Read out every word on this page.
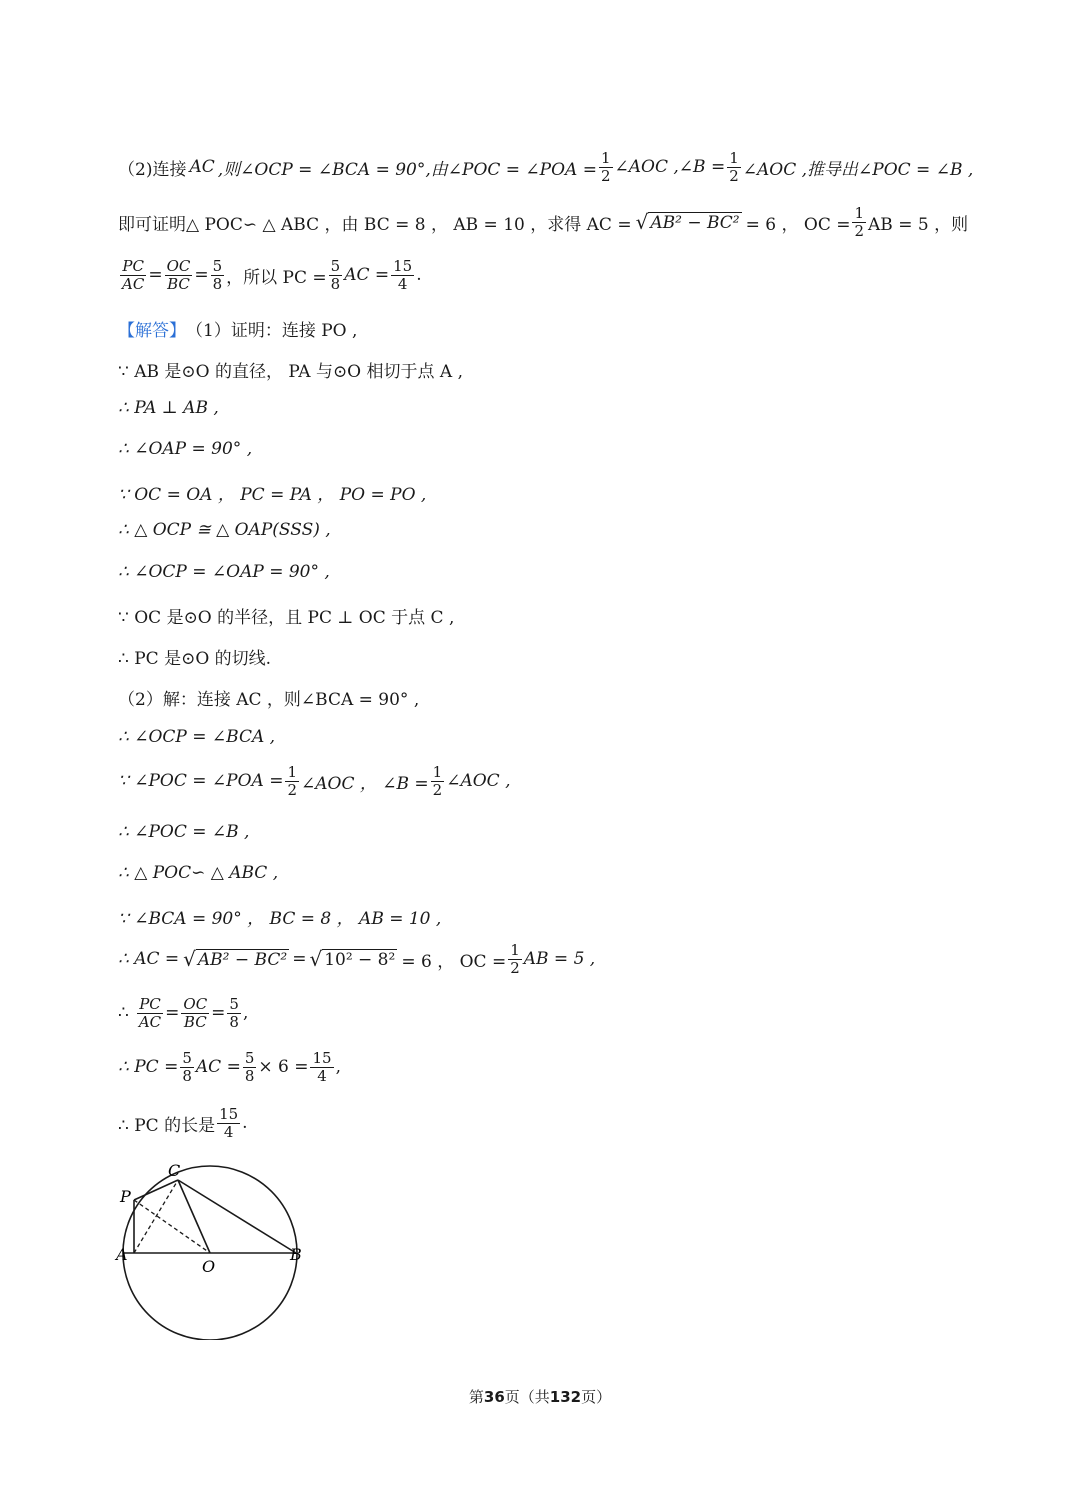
（2)连接 AC ,则∠OCP = ∠BCA = 90°,由∠POC = ∠POA = $\frac{1}{2}$ ∠AOC ,∠B = $\frac{1}{2}$ ∠AOC ,推导出∠POC = ∠B ,
即可证明△ POC∽ △ ABC ，由 BC = 8 ， AB = 10 ，求得 AC = √ AB² − BC² = 6 ， OC = $\frac{1}{2}$ AB = 5 ，则
$\frac{PC}{AC} = \frac{OC}{BC} = \frac{5}{8}$ ，所以 PC = $\frac{5}{8}$ AC = $\frac{15}{4}$ .
【解答】 （1）证明：连接 PO ,
∵ AB 是⊙O 的直径， PA 与⊙O 相切于点 A ,
∴ PA ⊥ AB ,
∴ ∠OAP = 90° ,
∵ OC = OA ， PC = PA ， PO = PO ,
∴ △ OCP ≅ △ OAP(SSS) ,
∴ ∠OCP = ∠OAP = 90° ,
∵ OC 是⊙O 的半径，且 PC ⊥ OC 于点 C ,
∴ PC 是⊙O 的切线.
（2）解：连接 AC ，则∠BCA = 90° ,
∴ ∠OCP = ∠BCA ,
∵ ∠POC = ∠POA = $\frac{1}{2}$ ∠AOC ， ∠B = $\frac{1}{2}$ ∠AOC ,
∴ ∠POC = ∠B ,
∴ △ POC∽ △ ABC ,
∵ ∠BCA = 90° ， BC = 8 ， AB = 10 ,
∴ AC = √ AB² − BC² = √ 10² − 8² = 6 ， OC = $\frac{1}{2}$ AB = 5 ,
∴ $\frac{PC}{AC} = \frac{OC}{BC} = \frac{5}{8}$ ,
∴ PC = $\frac{5}{8}$ AC = $\frac{5}{8} \times 6 = \frac{15}{4}$ ,
∴ PC 的长是 $\frac{15}{4}$ .
P
C
A
O
B
第36页（共132页）
